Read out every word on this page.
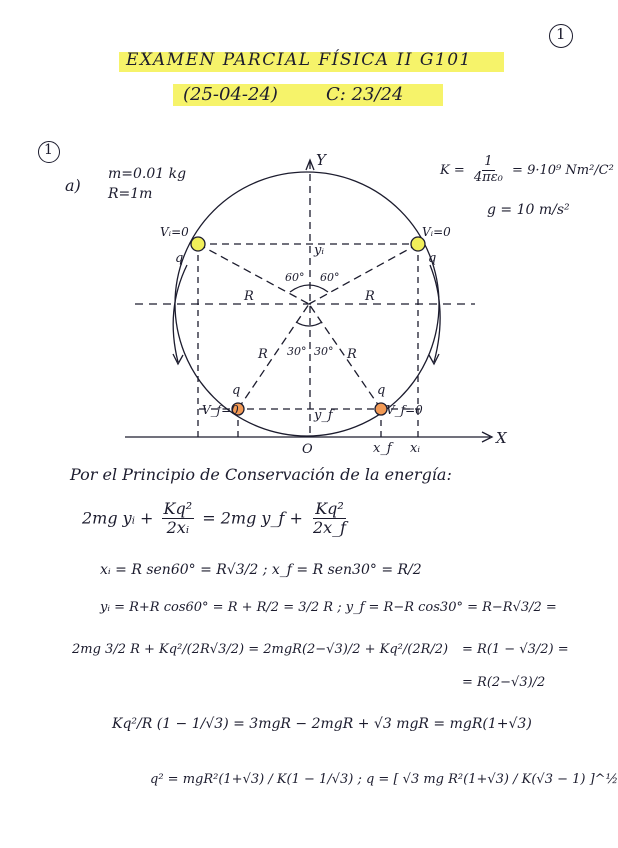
1
EXAMEN PARCIAL FÍSICA II G101
(25-04-24)	C: 23/24
1
a)
m=0.01 kg
R=1m
$K = \frac{1}{\text{4πε₀}} = 9\cdot 10^9$ Nm²/C²
g = 10 m/s²
Y
X
O
Vᵢ=0	Vᵢ=0
q	q
q	q
V_f=0	V_f=0
yᵢ
y_f
x_f xᵢ
60° 60°
30° 30°
R	R
R	R
Por el Principio de Conservación de la energía:
2mg yᵢ + $\frac{\text{Kq²}}{\text{2xᵢ}} = 2mg$ y_f + $\frac{\text{Kq²}}{2x\_f}$
xᵢ = R sen60° = R√3/2 ; x_f = R sen30° = R/2
yᵢ = R+R cos60° = R + R/2 = 3/2 R ; y_f = R−R cos30° = R−R√3/2 =
2mg 3/2 R + Kq²/(2R√3/2) = 2mgR(2−√3)/2 + Kq²/(2R/2) = R(1 − √3/2) =
= R(2−√3)/2
Kq²/R (1 − 1/√3) = 3mgR − 2mgR + √3 mgR = mgR(1+√3)
q² = mgR²(1+√3) / K(1 − 1/√3) ; q = [ √3 mg R²(1+√3) / K(√3 − 1) ]^½
